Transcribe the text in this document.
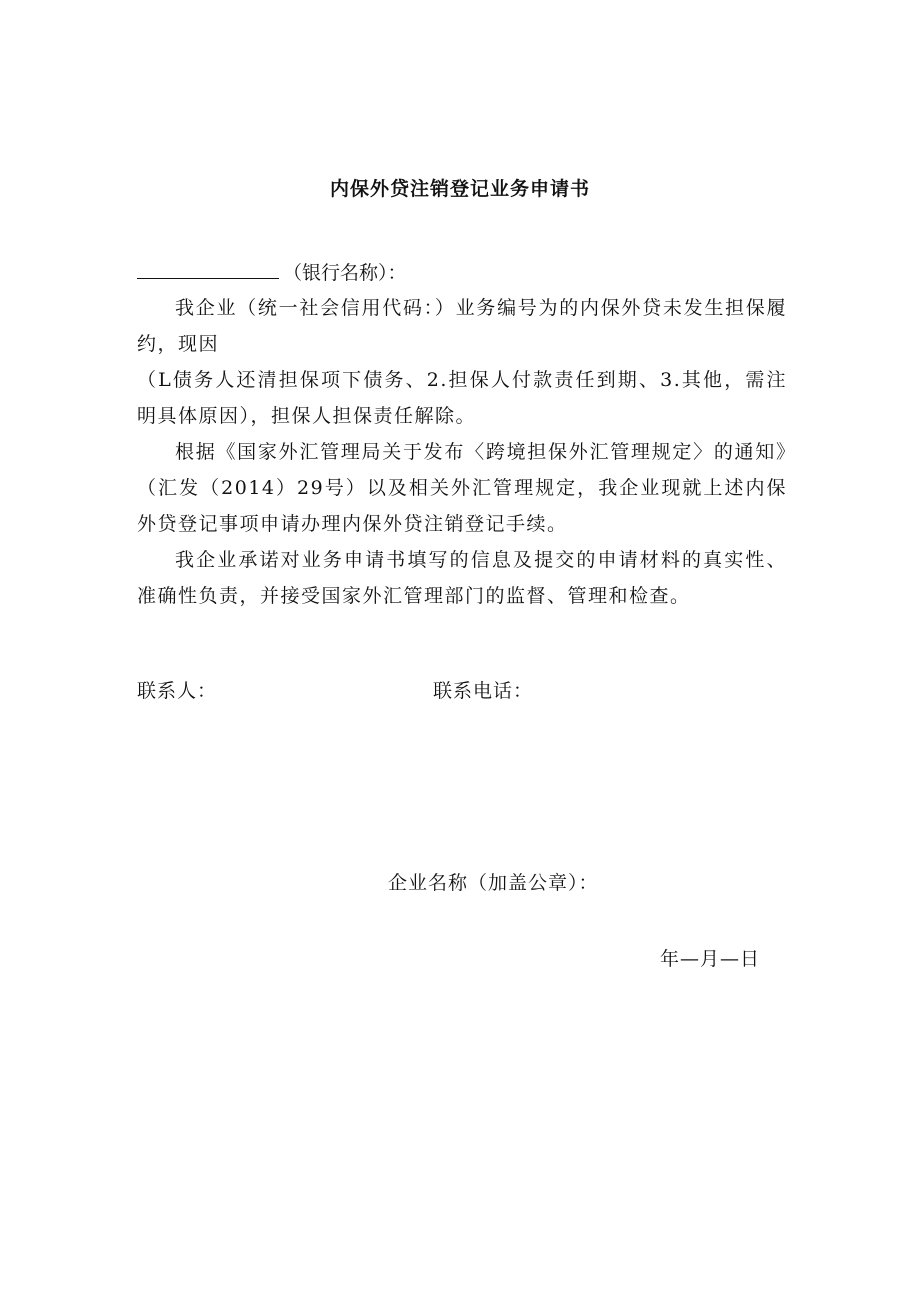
内保外贷注销登记业务申请书
（银行名称）：

我企业（统一社会信用代码：）业务编号为的内保外贷未发生担保履约，现因

（L债务人还清担保项下债务、2.担保人付款责任到期、3.其他，需注明具体原因），担保人担保责任解除。

根据《国家外汇管理局关于发布〈跨境担保外汇管理规定〉的通知》（汇发（2014）29号）以及相关外汇管理规定，我企业现就上述内保外贷登记事项申请办理内保外贷注销登记手续。

我企业承诺对业务申请书填写的信息及提交的申请材料的真实性、准确性负责，并接受国家外汇管理部门的监督、管理和检查。

联系人：	联系电话：
企业名称（加盖公章）：
年—月—日
